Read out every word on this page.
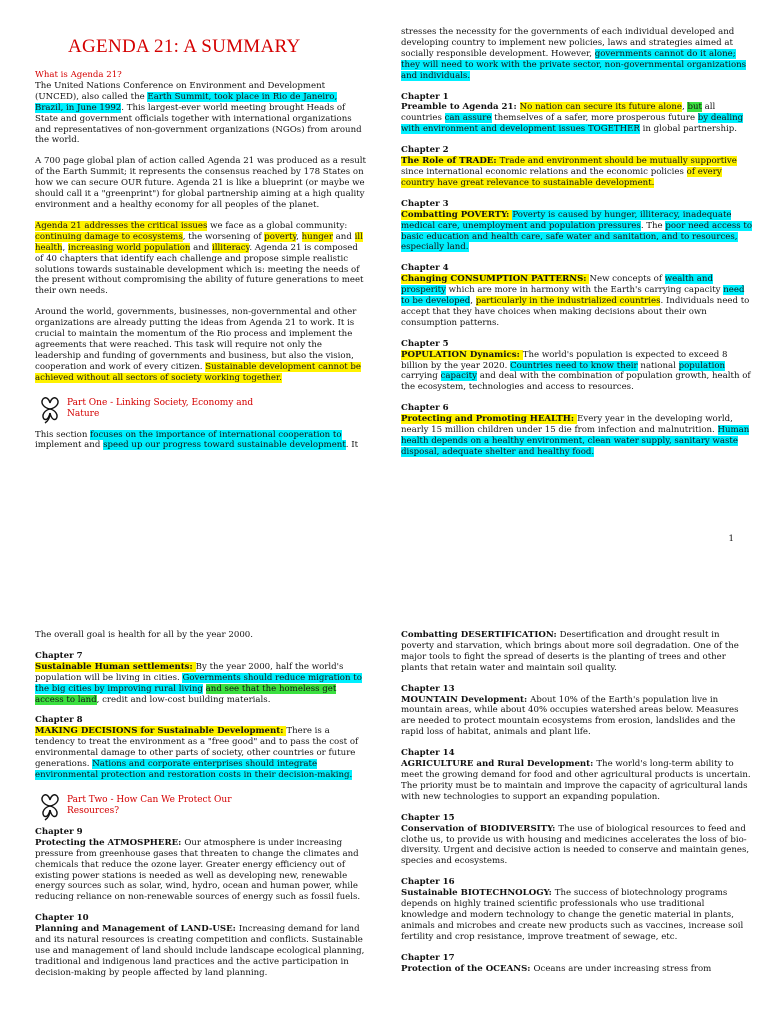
AGENDA 21: A SUMMARY

What is Agenda 21?

The United Nations Conference on Environment and Development (UNCED), also called the Earth Summit, took place in Rio de Janeiro, Brazil, in June 1992. This largest-ever world meeting brought Heads of State and government officials together with international organizations and representatives of non-government organizations (NGOs) from around the world.

A 700 page global plan of action called Agenda 21 was produced as a result of the Earth Summit; it represents the consensus reached by 178 States on how we can secure OUR future. Agenda 21 is like a blueprint (or maybe we should call it a "greenprint") for global partnership aiming at a high quality environment and a healthy economy for all peoples of the planet.

Agenda 21 addresses the critical issues we face as a global community: continuing damage to ecosystems, the worsening of poverty, hunger and ill health, increasing world population and illiteracy. Agenda 21 is composed of 40 chapters that identify each challenge and propose simple realistic solutions towards sustainable development which is: meeting the needs of the present without compromising the ability of future generations to meet their own needs.

Around the world, governments, businesses, non-governmental and other organizations are already putting the ideas from Agenda 21 to work. It is crucial to maintain the momentum of the Rio process and implement the agreements that were reached. This task will require not only the leadership and funding of governments and business, but also the vision, cooperation and work of every citizen. Sustainable development cannot be achieved without all sectors of society working together.

Part One - Linking Society, Economy and Nature

This section focuses on the importance of international cooperation to implement and speed up our progress toward sustainable development. It

stresses the necessity for the governments of each individual developed and developing country to implement new policies, laws and strategies aimed at socially responsible development. However, governments cannot do it alone; they will need to work with the private sector, non-governmental organizations and individuals.

Chapter 1
Preamble to Agenda 21: No nation can secure its future alone, but all countries can assure themselves of a safer, more prosperous future by dealing with environment and development issues TOGETHER in global partnership.
Chapter 2
The Role of TRADE: Trade and environment should be mutually supportive since international economic relations and the economic policies of every country have great relevance to sustainable development.
Chapter 3
Combatting POVERTY: Poverty is caused by hunger, illiteracy, inadequate medical care, unemployment and population pressures. The poor need access to basic education and health care, safe water and sanitation, and to resources, especially land.
Chapter 4
Changing CONSUMPTION PATTERNS: New concepts of wealth and prosperity which are more in harmony with the Earth's carrying capacity need to be developed, particularly in the industrialized countries. Individuals need to accept that they have choices when making decisions about their own consumption patterns.
Chapter 5
POPULATION Dynamics: The world's population is expected to exceed 8 billion by the year 2020. Countries need to know their national population carrying capacity and deal with the combination of population growth, health of the ecosystem, technologies and access to resources.
Chapter 6
Protecting and Promoting HEALTH: Every year in the developing world, nearly 15 million children under 15 die from infection and malnutrition. Human health depends on a healthy environment, clean water supply, sanitary waste disposal, adequate shelter and healthy food.
1

The overall goal is health for all by the year 2000.

Chapter 7
Sustainable Human settlements: By the year 2000, half the world's population will be living in cities. Governments should reduce migration to the big cities by improving rural living and see that the homeless get access to land, credit and low-cost building materials.
Chapter 8
MAKING DECISIONS for Sustainable Development: There is a tendency to treat the environment as a "free good" and to pass the cost of environmental damage to other parts of society, other countries or future generations. Nations and corporate enterprises should integrate environmental protection and restoration costs in their decision-making.
Part Two - How Can We Protect Our Resources?
Chapter 9
Protecting the ATMOSPHERE: Our atmosphere is under increasing pressure from greenhouse gases that threaten to change the climates and chemicals that reduce the ozone layer. Greater energy efficiency out of existing power stations is needed as well as developing new, renewable energy sources such as solar, wind, hydro, ocean and human power, while reducing reliance on non-renewable sources of energy such as fossil fuels.
Chapter 10
Planning and Management of LAND-USE: Increasing demand for land and its natural resources is creating competition and conflicts. Sustainable use and management of land should include landscape ecological planning, traditional and indigenous land practices and the active participation in decision-making by people affected by land planning.
Combatting DESERTIFICATION: Desertification and drought result in poverty and starvation, which brings about more soil degradation. One of the major tools to fight the spread of deserts is the planting of trees and other plants that retain water and maintain soil quality.
Chapter 13
MOUNTAIN Development: About 10% of the Earth's population live in mountain areas, while about 40% occupies watershed areas below. Measures are needed to protect mountain ecosystems from erosion, landslides and the rapid loss of habitat, animals and plant life.
Chapter 14
AGRICULTURE and Rural Development: The world's long-term ability to meet the growing demand for food and other agricultural products is uncertain. The priority must be to maintain and improve the capacity of agricultural lands with new technologies to support an expanding population.
Chapter 15
Conservation of BIODIVERSITY: The use of biological resources to feed and clothe us, to provide us with housing and medicines accelerates the loss of bio-diversity. Urgent and decisive action is needed to conserve and maintain genes, species and ecosystems.
Chapter 16
Sustainable BIOTECHNOLOGY: The success of biotechnology programs depends on highly trained scientific professionals who use traditional knowledge and modern technology to change the genetic material in plants, animals and microbes and create new products such as vaccines, increase soil fertility and crop resistance, improve treatment of sewage, etc.
Chapter 17
Protection of the OCEANS: Oceans are under increasing stress from
